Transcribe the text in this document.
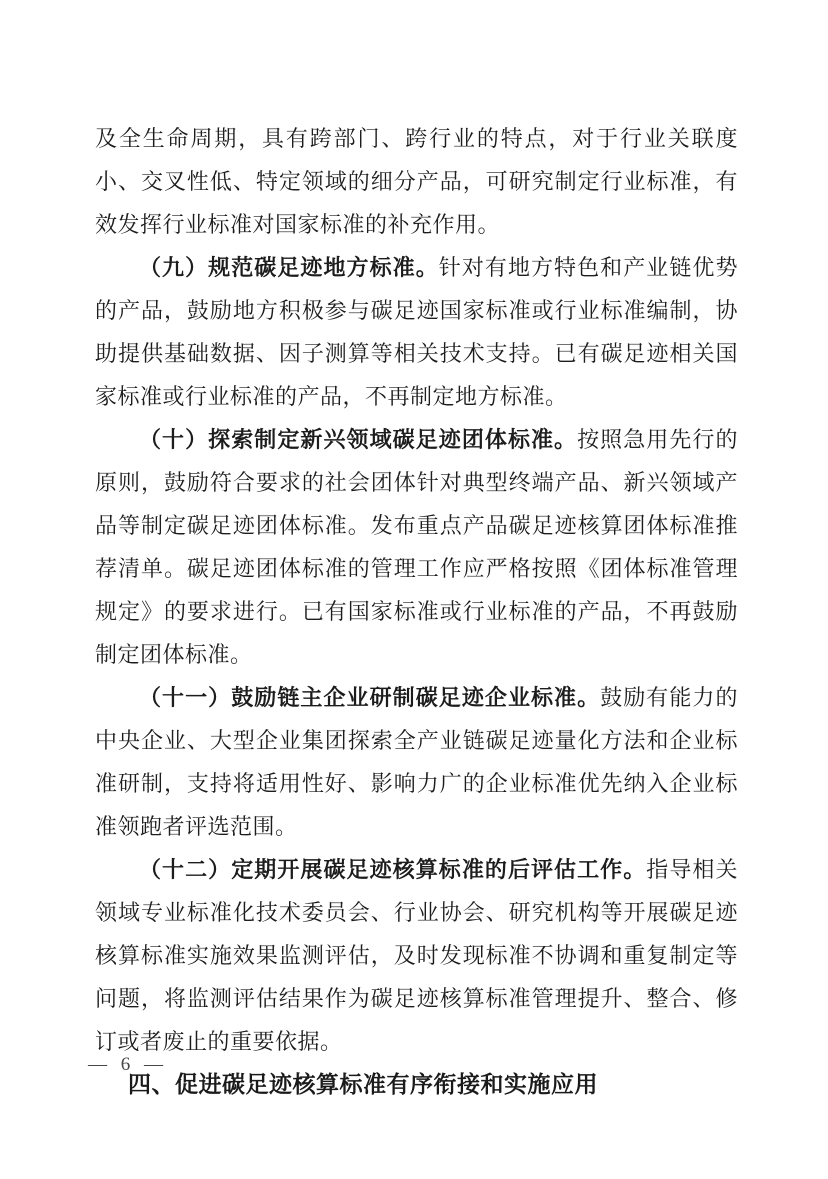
及全生命周期，具有跨部门、跨行业的特点，对于行业关联度小、交叉性低、特定领域的细分产品，可研究制定行业标准，有效发挥行业标准对国家标准的补充作用。

（九）规范碳足迹地方标准。针对有地方特色和产业链优势的产品，鼓励地方积极参与碳足迹国家标准或行业标准编制，协助提供基础数据、因子测算等相关技术支持。已有碳足迹相关国家标准或行业标准的产品，不再制定地方标准。

（十）探索制定新兴领域碳足迹团体标准。按照急用先行的原则，鼓励符合要求的社会团体针对典型终端产品、新兴领域产品等制定碳足迹团体标准。发布重点产品碳足迹核算团体标准推荐清单。碳足迹团体标准的管理工作应严格按照《团体标准管理规定》的要求进行。已有国家标准或行业标准的产品，不再鼓励制定团体标准。

（十一）鼓励链主企业研制碳足迹企业标准。鼓励有能力的中央企业、大型企业集团探索全产业链碳足迹量化方法和企业标准研制，支持将适用性好、影响力广的企业标准优先纳入企业标准领跑者评选范围。

（十二）定期开展碳足迹核算标准的后评估工作。指导相关领域专业标准化技术委员会、行业协会、研究机构等开展碳足迹核算标准实施效果监测评估，及时发现标准不协调和重复制定等问题，将监测评估结果作为碳足迹核算标准管理提升、整合、修订或者废止的重要依据。

四、促进碳足迹核算标准有序衔接和实施应用
— 6 —
